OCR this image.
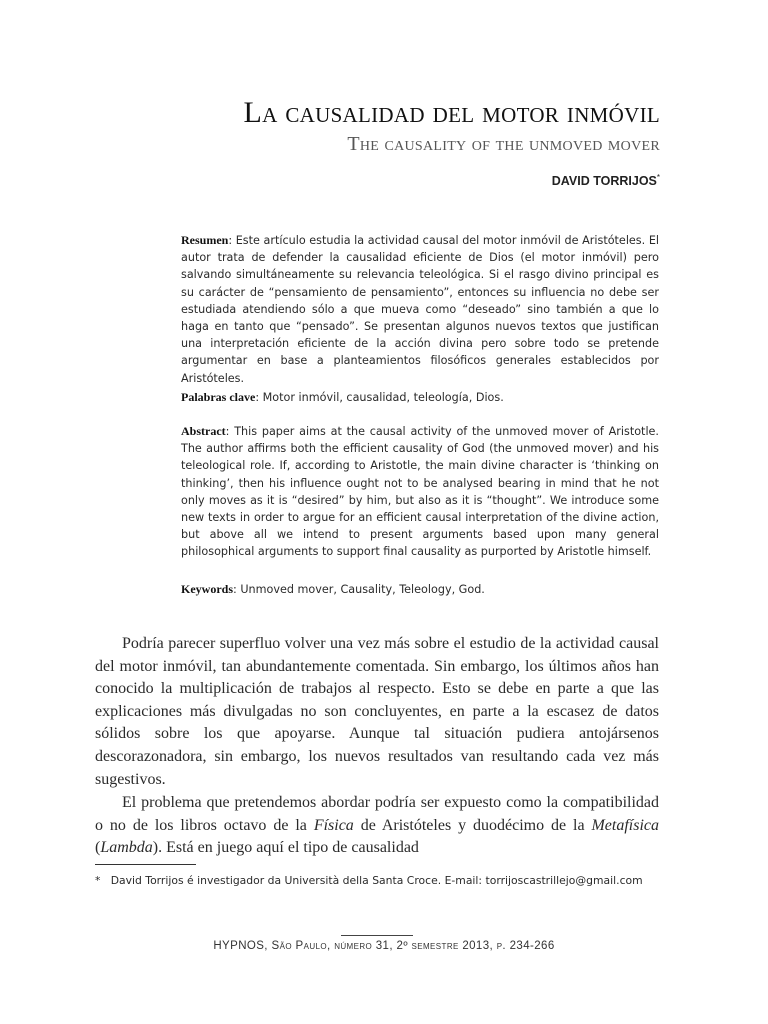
La causalidad del motor inmóvil
The causality of the unmoved mover
DAVID TORRIJOS*
Resumen: Este artículo estudia la actividad causal del motor inmóvil de Aristóteles. El autor trata de defender la causalidad eficiente de Dios (el motor inmóvil) pero salvando simultáneamente su relevancia teleológica. Si el rasgo divino principal es su carácter de “pensamiento de pensamiento”, entonces su influencia no debe ser estudiada atendiendo sólo a que mueva como “deseado” sino también a que lo haga en tanto que “pensado”. Se presentan algunos nuevos textos que justifican una interpretación eficiente de la acción divina pero sobre todo se pretende argumentar en base a planteamientos filosóficos generales establecidos por Aristóteles.
Palabras clave: Motor inmóvil, causalidad, teleología, Dios.
Abstract: This paper aims at the causal activity of the unmoved mover of Aristotle. The author affirms both the efficient causality of God (the unmoved mover) and his teleological role. If, according to Aristotle, the main divine character is ‘thinking on thinking’, then his influence ought not to be analysed bearing in mind that he not only moves as it is “desired” by him, but also as it is “thought”. We introduce some new texts in order to argue for an efficient causal interpretation of the divine action, but above all we intend to present arguments based upon many general philosophical arguments to support final causality as purported by Aristotle himself.
Keywords: Unmoved mover, Causality, Teleology, God.
Podría parecer superfluo volver una vez más sobre el estudio de la actividad causal del motor inmóvil, tan abundantemente comentada. Sin embargo, los últimos años han conocido la multiplicación de trabajos al respecto. Esto se debe en parte a que las explicaciones más divulgadas no son concluyentes, en parte a la escasez de datos sólidos sobre los que apoyarse. Aunque tal situación pudiera antojársenos descorazonadora, sin embargo, los nuevos resultados van resultando cada vez más sugestivos.
El problema que pretendemos abordar podría ser expuesto como la compatibilidad o no de los libros octavo de la Física de Aristóteles y duodécimo de la Metafísica (Lambda). Está en juego aquí el tipo de causalidad
* David Torrijos é investigador da Università della Santa Croce. E-mail: torrijoscastrillejo@gmail.com
HYPNOS, São Paulo, número 31, 2º semestre 2013, p. 234-266
